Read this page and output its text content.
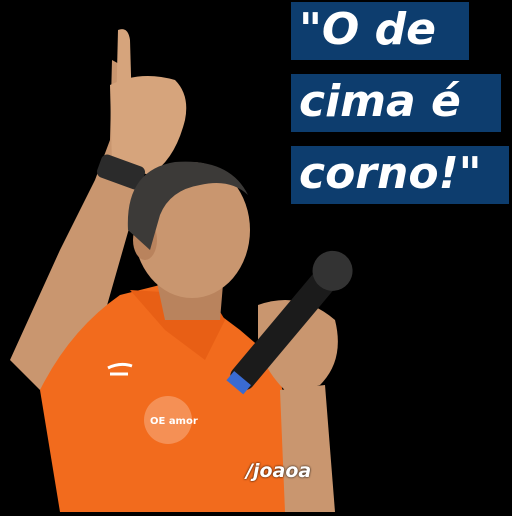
OE amor
"O de
cima é
corno!"
/joaoa
